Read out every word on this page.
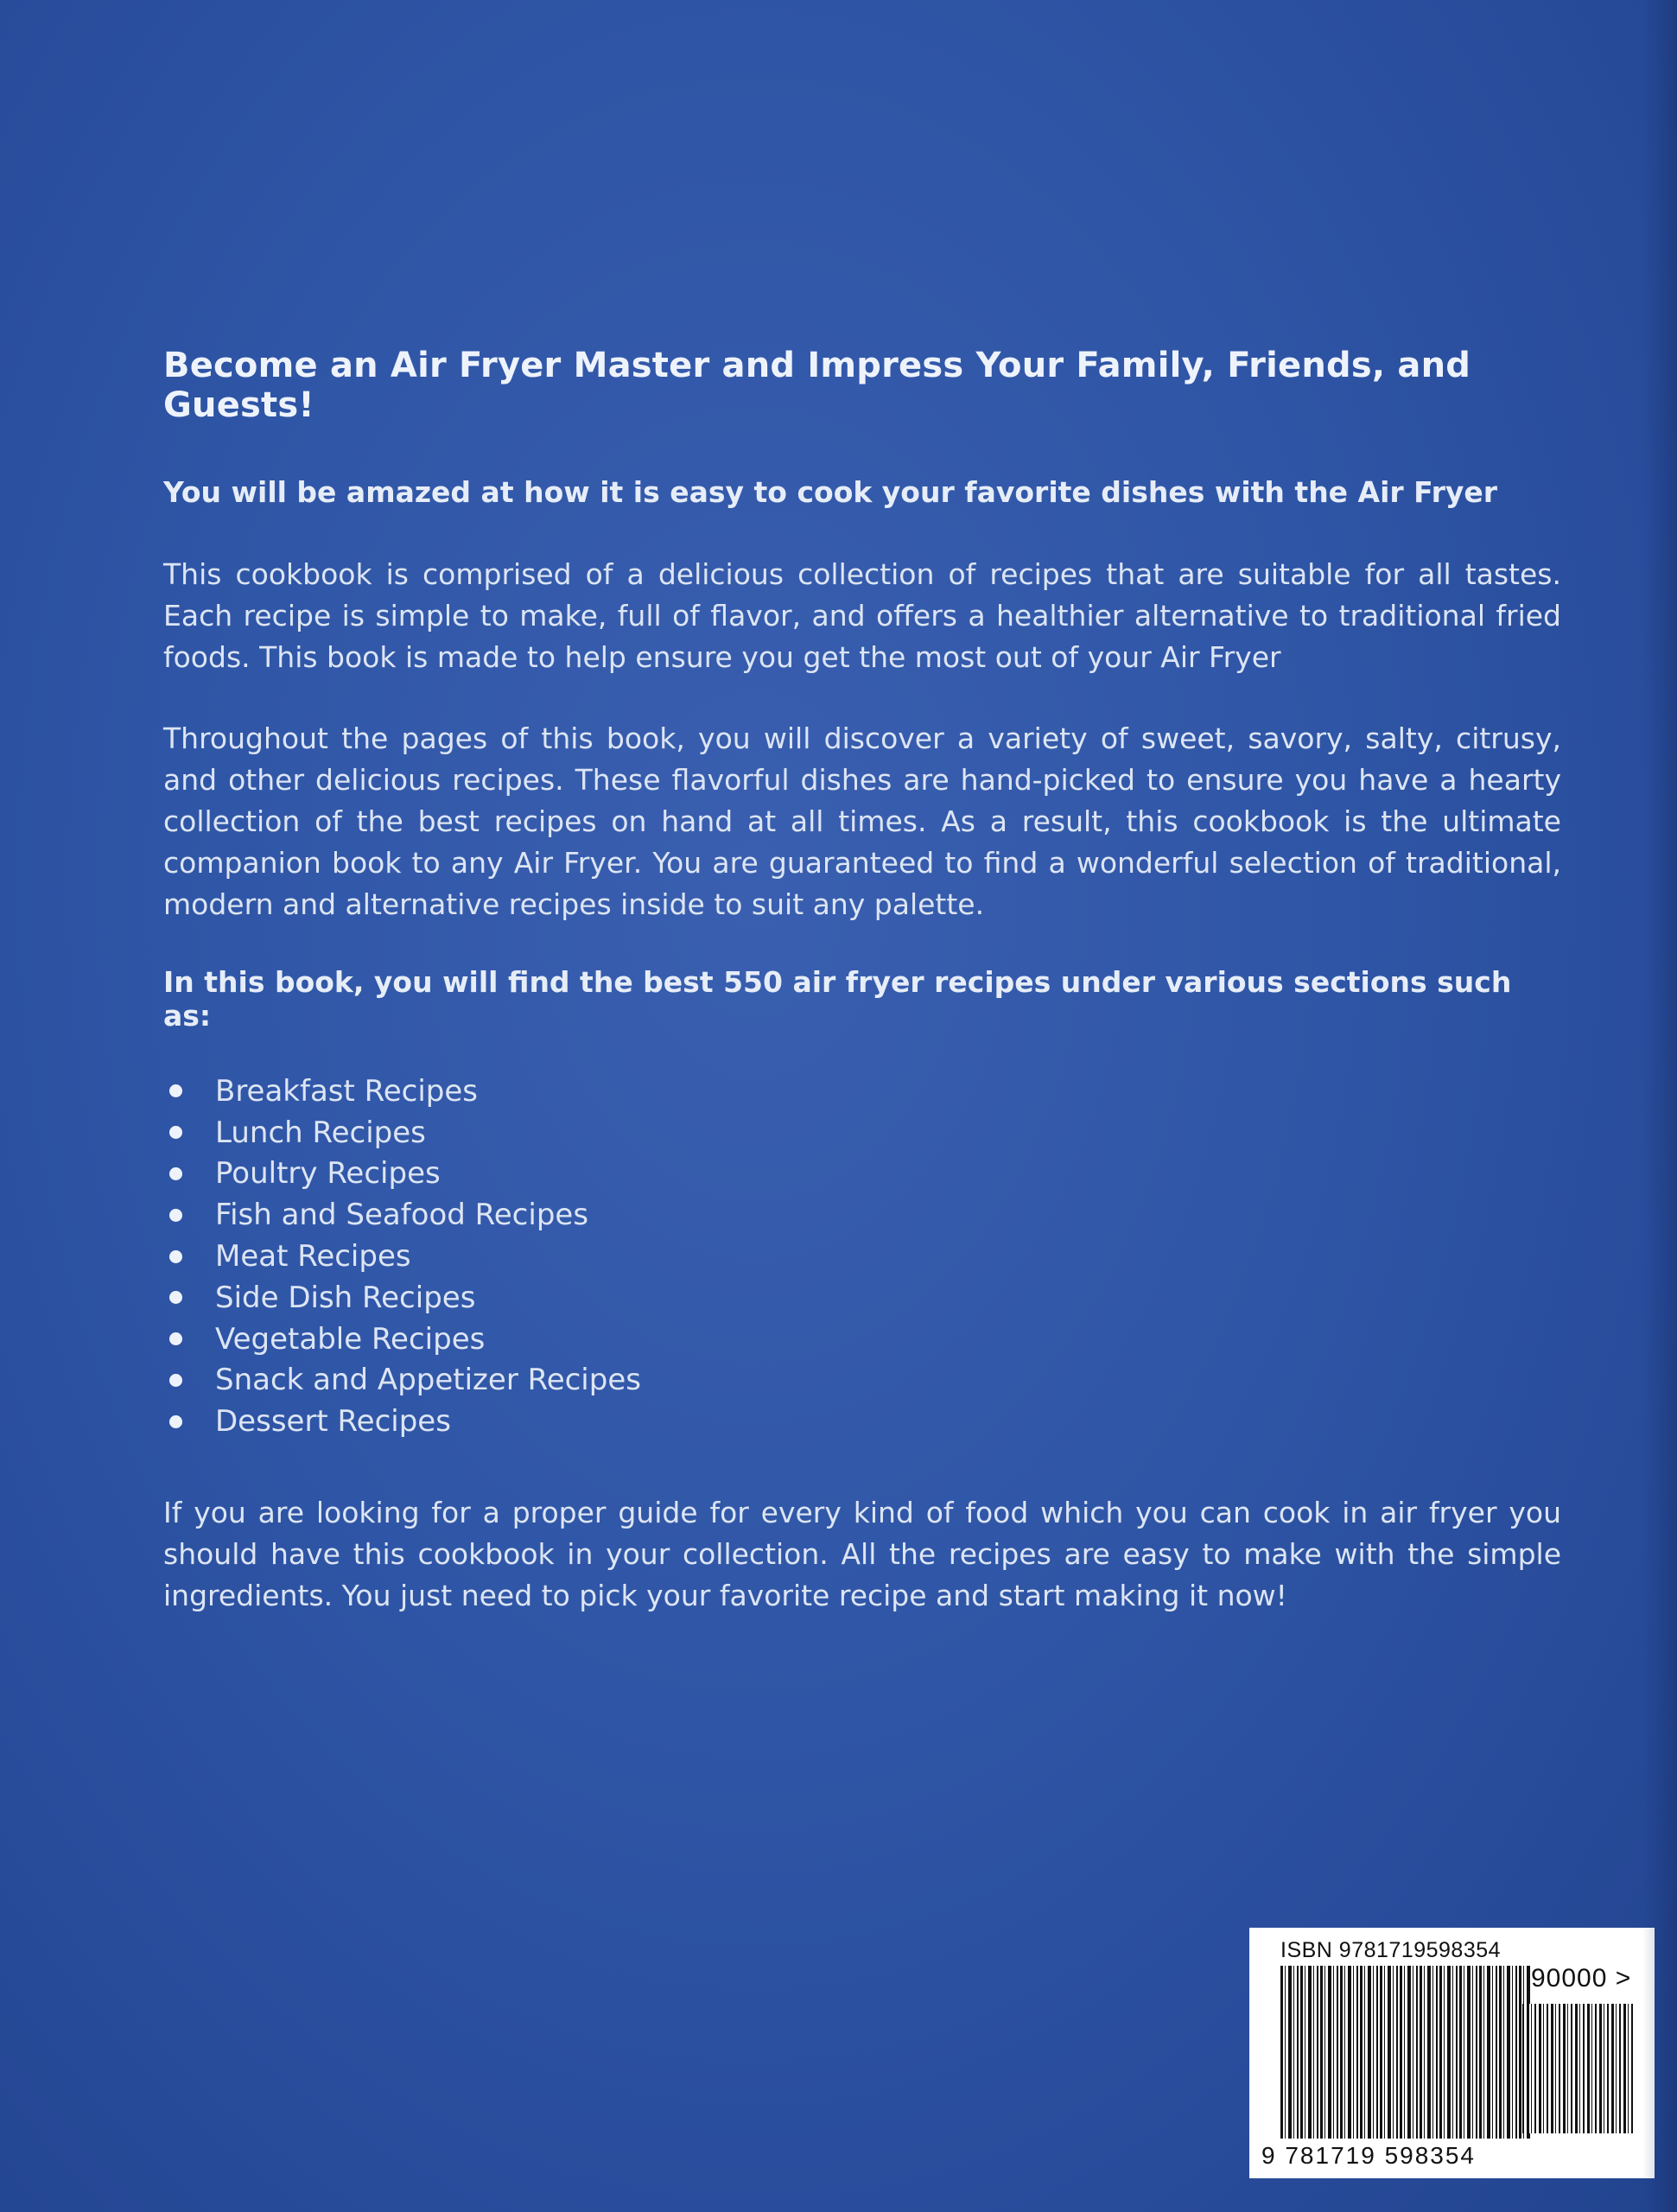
Become an Air Fryer Master and Impress Your Family, Friends, and Guests!
You will be amazed at how it is easy to cook your favorite dishes with the Air Fryer

This cookbook is comprised of a delicious collection of recipes that are suitable for all tastes. Each recipe is simple to make, full of flavor, and offers a healthier alternative to traditional fried foods. This book is made to help ensure you get the most out of your Air Fryer

Throughout the pages of this book, you will discover a variety of sweet, savory, salty, citrusy, and other delicious recipes. These flavorful dishes are hand-picked to ensure you have a hearty collection of the best recipes on hand at all times. As a result, this cookbook is the ultimate companion book to any Air Fryer. You are guaranteed to find a wonderful selection of traditional, modern and alternative recipes inside to suit any palette.

In this book, you will find the best 550 air fryer recipes under various sections such as:
Breakfast Recipes
Lunch Recipes
Poultry Recipes
Fish and Seafood Recipes
Meat Recipes
Side Dish Recipes
Vegetable Recipes
Snack and Appetizer Recipes
Dessert Recipes

If you are looking for a proper guide for every kind of food which you can cook in air fryer you should have this cookbook in your collection. All the recipes are easy to make with the simple ingredients. You just need to pick your favorite recipe and start making it now!

ISBN 9781719598354
90000 >
9 781719 598354
